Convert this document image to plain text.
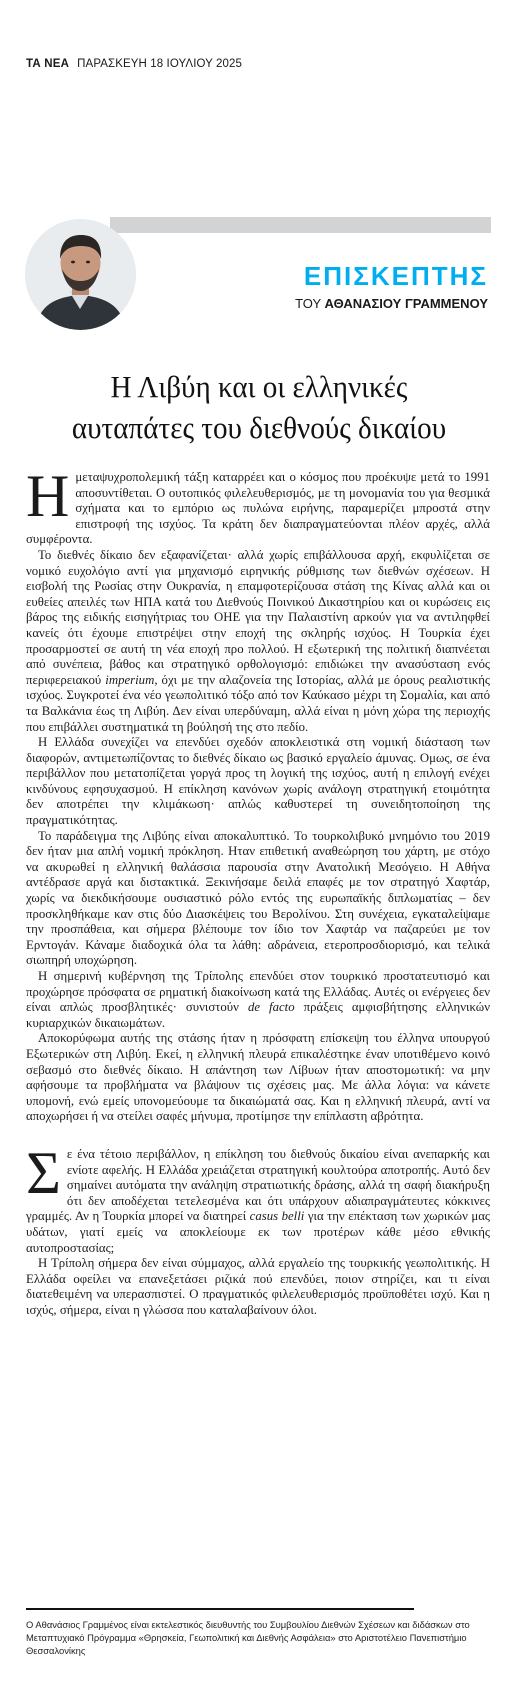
ΤΑ ΝΕΑ ΠΑΡΑΣΚΕΥΗ 18 ΙΟΥΛΙΟΥ 2025
ΕΠΙΣΚΕΠΤΗΣ
ΤΟΥ ΑΘΑΝΑΣΙΟΥ ΓΡΑΜΜΕΝΟΥ
Η Λιβύη και οι ελληνικές
αυταπάτες του διεθνούς δικαίου

Ημεταψυχροπολεμική τάξη καταρρέει και ο κόσμος που προέκυψε μετά το 1991 αποσυντίθεται. Ο ουτοπικός φιλελευθερισμός, με τη μονομανία του για θεσμικά σχήματα και το εμπόριο ως πυλώνα ειρήνης, παραμερίζει μπροστά στην επιστροφή της ισχύος. Τα κράτη δεν διαπραγματεύονται πλέον αρχές, αλλά συμφέροντα.

Το διεθνές δίκαιο δεν εξαφανίζεται· αλλά χωρίς επιβάλλουσα αρχή, εκφυλίζεται σε νομικό ευχολόγιο αντί για μηχανισμό ειρηνικής ρύθμισης των διεθνών σχέσεων. Η εισβολή της Ρωσίας στην Ουκρανία, η επαμφοτερίζουσα στάση της Κίνας αλλά και οι ευθείες απειλές των ΗΠΑ κατά του Διεθνούς Ποινικού Δικαστηρίου και οι κυρώσεις εις βάρος της ειδικής εισηγήτριας του ΟΗΕ για την Παλαιστίνη αρκούν για να αντιληφθεί κανείς ότι έχουμε επιστρέψει στην εποχή της σκληρής ισχύος. Η Τουρκία έχει προσαρμοστεί σε αυτή τη νέα εποχή προ πολλού. Η εξωτερική της πολιτική διαπνέεται από συνέπεια, βάθος και στρατηγικό ορθολογισμό: επιδιώκει την ανασύσταση ενός περιφερειακού imperium, όχι με την αλαζονεία της Ιστορίας, αλλά με όρους ρεαλιστικής ισχύος. Συγκροτεί ένα νέο γεωπολιτικό τόξο από τον Καύκασο μέχρι τη Σομαλία, και από τα Βαλκάνια έως τη Λιβύη. Δεν είναι υπερδύναμη, αλλά είναι η μόνη χώρα της περιοχής που επιβάλλει συστηματικά τη βούλησή της στο πεδίο.

Η Ελλάδα συνεχίζει να επενδύει σχεδόν αποκλειστικά στη νομική διάσταση των διαφορών, αντιμετωπίζοντας το διεθνές δίκαιο ως βασικό εργαλείο άμυνας. Ομως, σε ένα περιβάλλον που μετατοπίζεται γοργά προς τη λογική της ισχύος, αυτή η επιλογή ενέχει κινδύνους εφησυχασμού. Η επίκληση κανόνων χωρίς ανάλογη στρατηγική ετοιμότητα δεν αποτρέπει την κλιμάκωση· απλώς καθυστερεί τη συνειδητοποίηση της πραγματικότητας.

Το παράδειγμα της Λιβύης είναι αποκαλυπτικό. Το τουρκολιβυκό μνημόνιο του 2019 δεν ήταν μια απλή νομική πρόκληση. Ηταν επιθετική αναθεώρηση του χάρτη, με στόχο να ακυρωθεί η ελληνική θαλάσσια παρουσία στην Ανατολική Μεσόγειο. Η Αθήνα αντέδρασε αργά και διστακτικά. Ξεκινήσαμε δειλά επαφές με τον στρατηγό Χαφτάρ, χωρίς να διεκδικήσουμε ουσιαστικό ρόλο εντός της ευρωπαϊκής διπλωματίας – δεν προσκληθήκαμε καν στις δύο Διασκέψεις του Βερολίνου. Στη συνέχεια, εγκαταλείψαμε την προσπάθεια, και σήμερα βλέπουμε τον ίδιο τον Χαφτάρ να παζαρεύει με τον Ερντογάν. Κάναμε διαδοχικά όλα τα λάθη: αδράνεια, ετεροπροσδιορισμό, και τελικά σιωπηρή υποχώρηση.

Η σημερινή κυβέρνηση της Τρίπολης επενδύει στον τουρκικό προστατευτισμό και προχώρησε πρόσφατα σε ρηματική διακοίνωση κατά της Ελλάδας. Αυτές οι ενέργειες δεν είναι απλώς προσβλητικές· συνιστούν de facto πράξεις αμφισβήτησης ελληνικών κυριαρχικών δικαιωμάτων.

Αποκορύφωμα αυτής της στάσης ήταν η πρόσφατη επίσκεψη του έλληνα υπουργού Εξωτερικών στη Λιβύη. Εκεί, η ελληνική πλευρά επικαλέστηκε έναν υποτιθέμενο κοινό σεβασμό στο διεθνές δίκαιο. Η απάντηση των Λίβυων ήταν αποστομωτική: να μην αφήσουμε τα προβλήματα να βλάψουν τις σχέσεις μας. Με άλλα λόγια: να κάνετε υπομονή, ενώ εμείς υπονομεύουμε τα δικαιώματά σας. Και η ελληνική πλευρά, αντί να αποχωρήσει ή να στείλει σαφές μήνυμα, προτίμησε την επίπλαστη αβρότητα.

Σε ένα τέτοιο περιβάλλον, η επίκληση του διεθνούς δικαίου είναι ανεπαρκής και ενίοτε αφελής. Η Ελλάδα χρειάζεται στρατηγική κουλτούρα αποτροπής. Αυτό δεν σημαίνει αυτόματα την ανάληψη στρατιωτικής δράσης, αλλά τη σαφή διακήρυξη ότι δεν αποδέχεται τετελεσμένα και ότι υπάρχουν αδιαπραγμάτευτες κόκκινες γραμμές. Αν η Τουρκία μπορεί να διατηρεί casus belli για την επέκταση των χωρικών μας υδάτων, γιατί εμείς να αποκλείουμε εκ των προτέρων κάθε μέσο εθνικής αυτοπροστασίας;

Η Τρίπολη σήμερα δεν είναι σύμμαχος, αλλά εργαλείο της τουρκικής γεωπολιτικής. Η Ελλάδα οφείλει να επανεξετάσει ριζικά πού επενδύει, ποιον στηρίζει, και τι είναι διατεθειμένη να υπερασπιστεί. Ο πραγματικός φιλελευθερισμός προϋποθέτει ισχύ. Και η ισχύς, σήμερα, είναι η γλώσσα που καταλαβαίνουν όλοι.

Ο Αθανάσιος Γραμμένος είναι εκτελεστικός διευθυντής του Συμβουλίου Διεθνών Σχέσεων και διδάσκων στο Μεταπτυχιακό Πρόγραμμα «Θρησκεία, Γεωπολιτική και Διεθνής Ασφάλεια» στο Αριστοτέλειο Πανεπιστήμιο Θεσσαλονίκης
